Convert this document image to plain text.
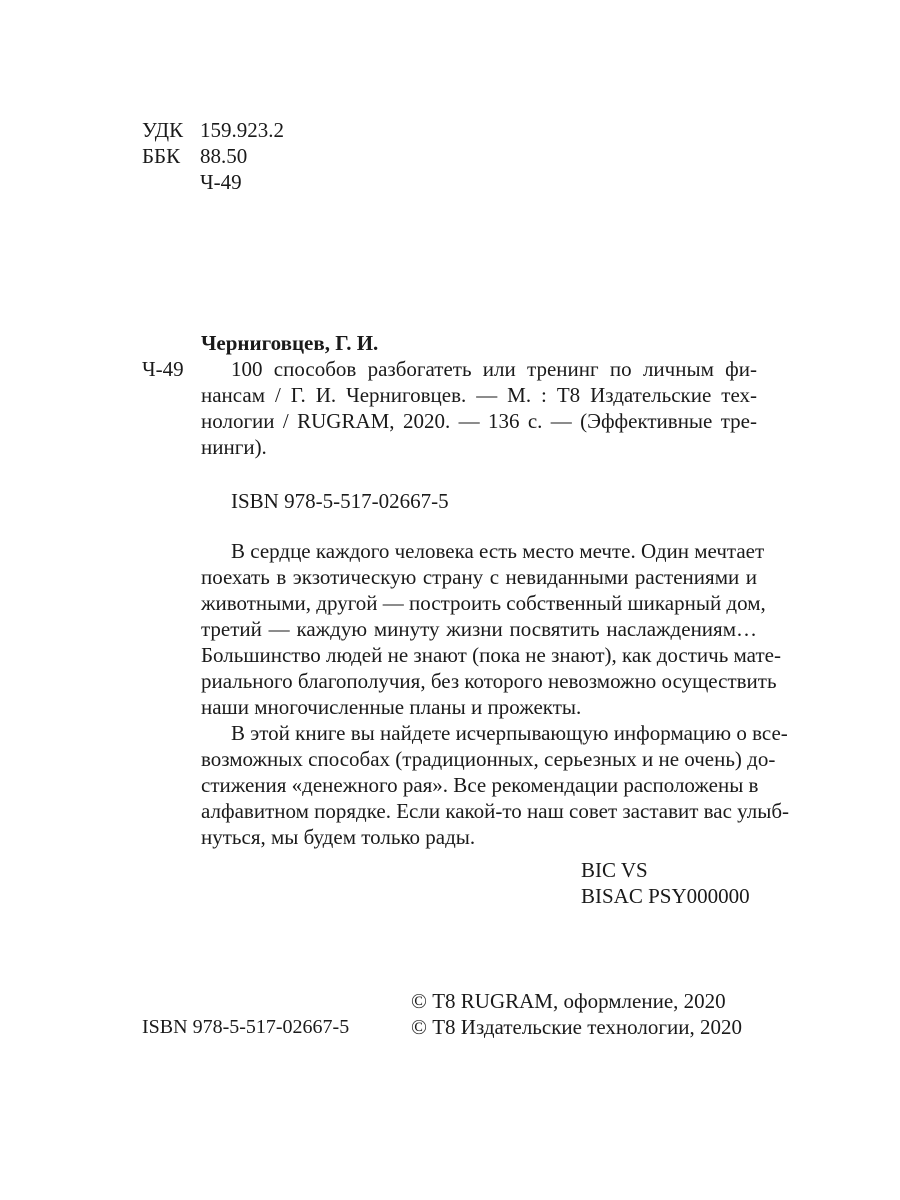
УДК 159.923.2
ББК 88.50
Ч-49
Черниговцев, Г. И.
Ч-49 100 способов разбогатеть или тренинг по личным фи-
нансам / Г. И. Черниговцев. — М. : Т8 Издательские тех-
нологии / RUGRAM, 2020. — 136 с. — (Эффективные тре-
нинги).
ISBN 978-5-517-02667-5
В сердце каждого человека есть место мечте. Один мечтает
поехать в экзотическую страну с невиданными растениями и
животными, другой — построить собственный шикарный дом,
третий — каждую минуту жизни посвятить наслаждениям…
Большинство людей не знают (пока не знают), как достичь матe-
риального благополучия, без которого невозможно осуществить
наши многочисленные планы и прожекты.
В этой книге вы найдете исчерпывающую информацию о все-
возможных способах (традиционных, серьезных и не очень) до-
стижения «денежного рая». Все рекомендации расположены в
алфавитном порядке. Если какой-то наш совет заставит вас улыб-
нуться, мы будем только рады.
BIC VS
BISAC PSY000000
© Т8 RUGRAM, оформление, 2020
© Т8 Издательские технологии, 2020
ISBN 978-5-517-02667-5
